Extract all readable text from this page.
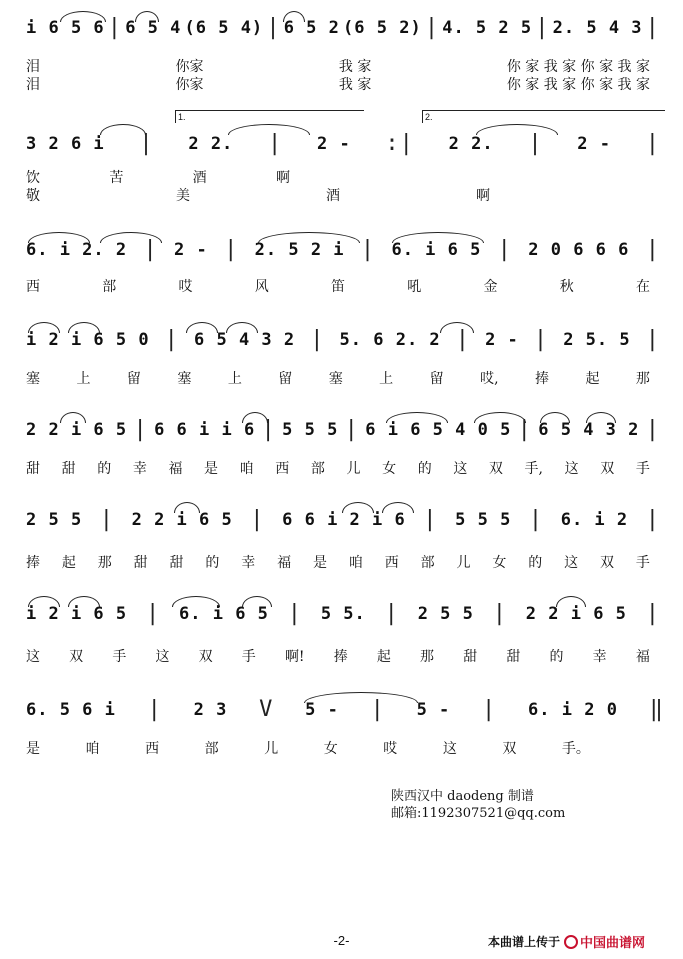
i 6 5 6 | 6 5 4 (6 5 4) | 6 5 2 (6 5 2) | 4. 5 2 5 | 2. 5 4 3 |
泪	你家	我 家	你 家 我 家 你 家 我 家
泪	你家	我 家	你 家 我 家 你 家 我 家
1.	2.
3 2 6 i | 2 2. | 2 - :| 2 2. | 2 - |
饮	苦	酒	啊
敬	美	酒	啊
6. i 2. 2 | 2 - | 2. 5 2 i | 6. i 6 5 | 2 0 6 6 6 |
西	部	哎	风	笛	吼	金	秋	在
i 2 i 6 5 0 | 6 5 4 3 2 | 5. 6 2. 2 | 2 - | 2 5. 5 |
塞	上	留	塞	上	留	塞	上	留	哎,	捧	起	那
2 2 i 6 5 | 6 6 i i 6 | 5 5 5 | 6 i 6 5 4 0 5 | 6 5 4 3 2 |
甜 甜 的 幸 福 是 咱 西 部 儿 女 的 这 双 手, 这 双 手
2 5 5 | 2 2 i 6 5 | 6 6 i 2 i 6 | 5 5 5 | 6. i 2 |
捧 起 那 甜 甜 的 幸 福 是 咱 西 部 儿 女 的 这 双 手
i 2 i 6 5 | 6. i 6 5 | 5 5. | 2 5 5 | 2 2 i 6 5 |
这 双 手 这 双 手 啊! 捧 起 那 甜 甜 的 幸 福
6. 5 6 i | 2 3 V 5 - | 5 - | 6. i 2 0 ‖
是	咱	西	部	儿	女	哎	这	双	手。
陕西汉中 daodeng 制谱
邮箱:1192307521@qq.com
-2-	本曲谱上传于 中国曲谱网
